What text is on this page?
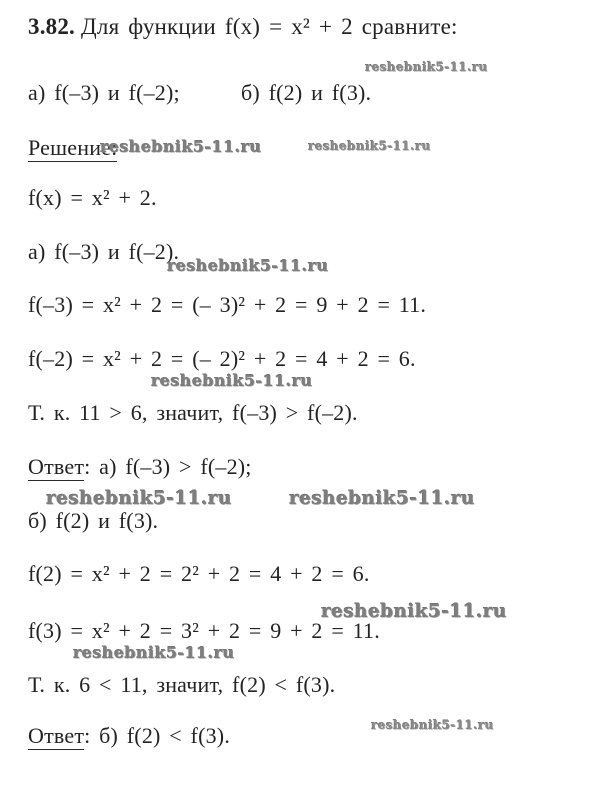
3.82. Для функции f(x) = x² + 2 сравните:
reshebnik5-11.ru
а) f(–3) и f(–2);	б) f(2) и f(3).
Решение:
reshebnik5-11.ru	reshebnik5-11.ru
f(x) = x² + 2.
а) f(–3) и f(–2).
reshebnik5-11.ru
f(–3) = x² + 2 = (– 3)² + 2 = 9 + 2 = 11.
f(–2) = x² + 2 = (– 2)² + 2 = 4 + 2 = 6.
reshebnik5-11.ru
Т. к. 11 > 6, значит, f(–3) > f(–2).
Ответ: а) f(–3) > f(–2);
reshebnik5-11.ru	reshebnik5-11.ru
б) f(2) и f(3).
f(2) = x² + 2 = 2² + 2 = 4 + 2 = 6.
reshebnik5-11.ru
f(3) = x² + 2 = 3² + 2 = 9 + 2 = 11.
reshebnik5-11.ru
Т. к. 6 < 11, значит, f(2) < f(3).
reshebnik5-11.ru
Ответ: б) f(2) < f(3).
